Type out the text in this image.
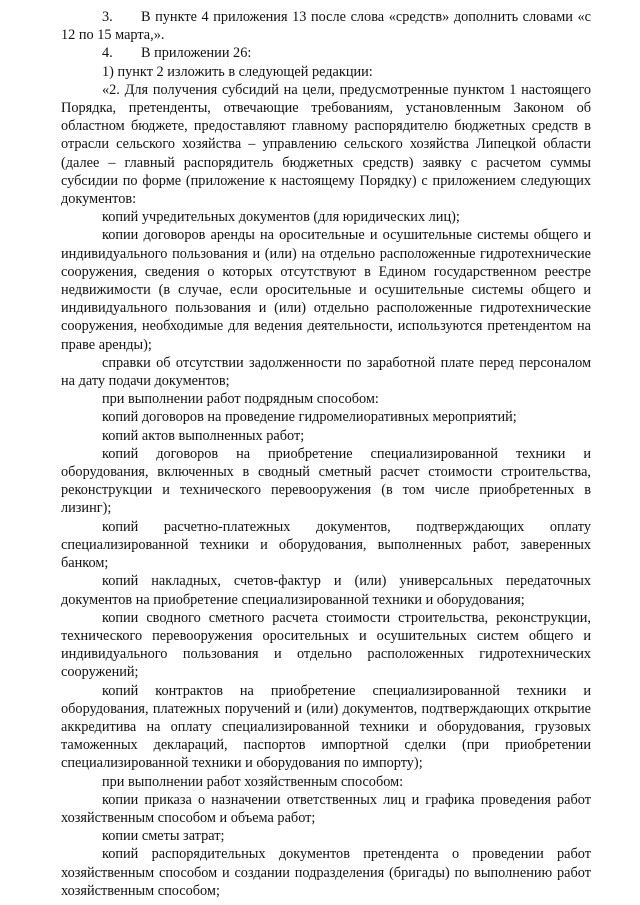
3. В пункте 4 приложения 13 после слова «средств» дополнить словами «с 12 по 15 марта,».

4. В приложении 26:

1) пункт 2 изложить в следующей редакции:

«2. Для получения субсидий на цели, предусмотренные пунктом 1 настоящего Порядка, претенденты, отвечающие требованиям, установленным Законом об областном бюджете, предоставляют главному распорядителю бюджетных средств в отрасли сельского хозяйства – управлению сельского хозяйства Липецкой области (далее – главный распорядитель бюджетных средств) заявку с расчетом суммы субсидии по форме (приложение к настоящему Порядку) с приложением следующих документов:

копий учредительных документов (для юридических лиц);

копии договоров аренды на оросительные и осушительные системы общего и индивидуального пользования и (или) на отдельно расположенные гидротехнические сооружения, сведения о которых отсутствуют в Едином государственном реестре недвижимости (в случае, если оросительные и осушительные системы общего и индивидуального пользования и (или) отдельно расположенные гидротехнические сооружения, необходимые для ведения деятельности, используются претендентом на праве аренды);

справки об отсутствии задолженности по заработной плате перед персоналом на дату подачи документов;

при выполнении работ подрядным способом:

копий договоров на проведение гидромелиоративных мероприятий;

копий актов выполненных работ;

копий договоров на приобретение специализированной техники и оборудования, включенных в сводный сметный расчет стоимости строительства, реконструкции и технического перевооружения (в том числе приобретенных в лизинг);

копий расчетно-платежных документов, подтверждающих оплату специализированной техники и оборудования, выполненных работ, заверенных банком;

копий накладных, счетов-фактур и (или) универсальных передаточных документов на приобретение специализированной техники и оборудования;

копии сводного сметного расчета стоимости строительства, реконструкции, технического перевооружения оросительных и осушительных систем общего и индивидуального пользования и отдельно расположенных гидротехнических сооружений;

копий контрактов на приобретение специализированной техники и оборудования, платежных поручений и (или) документов, подтверждающих открытие аккредитива на оплату специализированной техники и оборудования, грузовых таможенных деклараций, паспортов импортной сделки (при приобретении специализированной техники и оборудования по импорту);

при выполнении работ хозяйственным способом:

копии приказа о назначении ответственных лиц и графика проведения работ хозяйственным способом и объема работ;

копии сметы затрат;

копий распорядительных документов претендента о проведении работ хозяйственным способом и создании подразделения (бригады) по выполнению работ хозяйственным способом;
